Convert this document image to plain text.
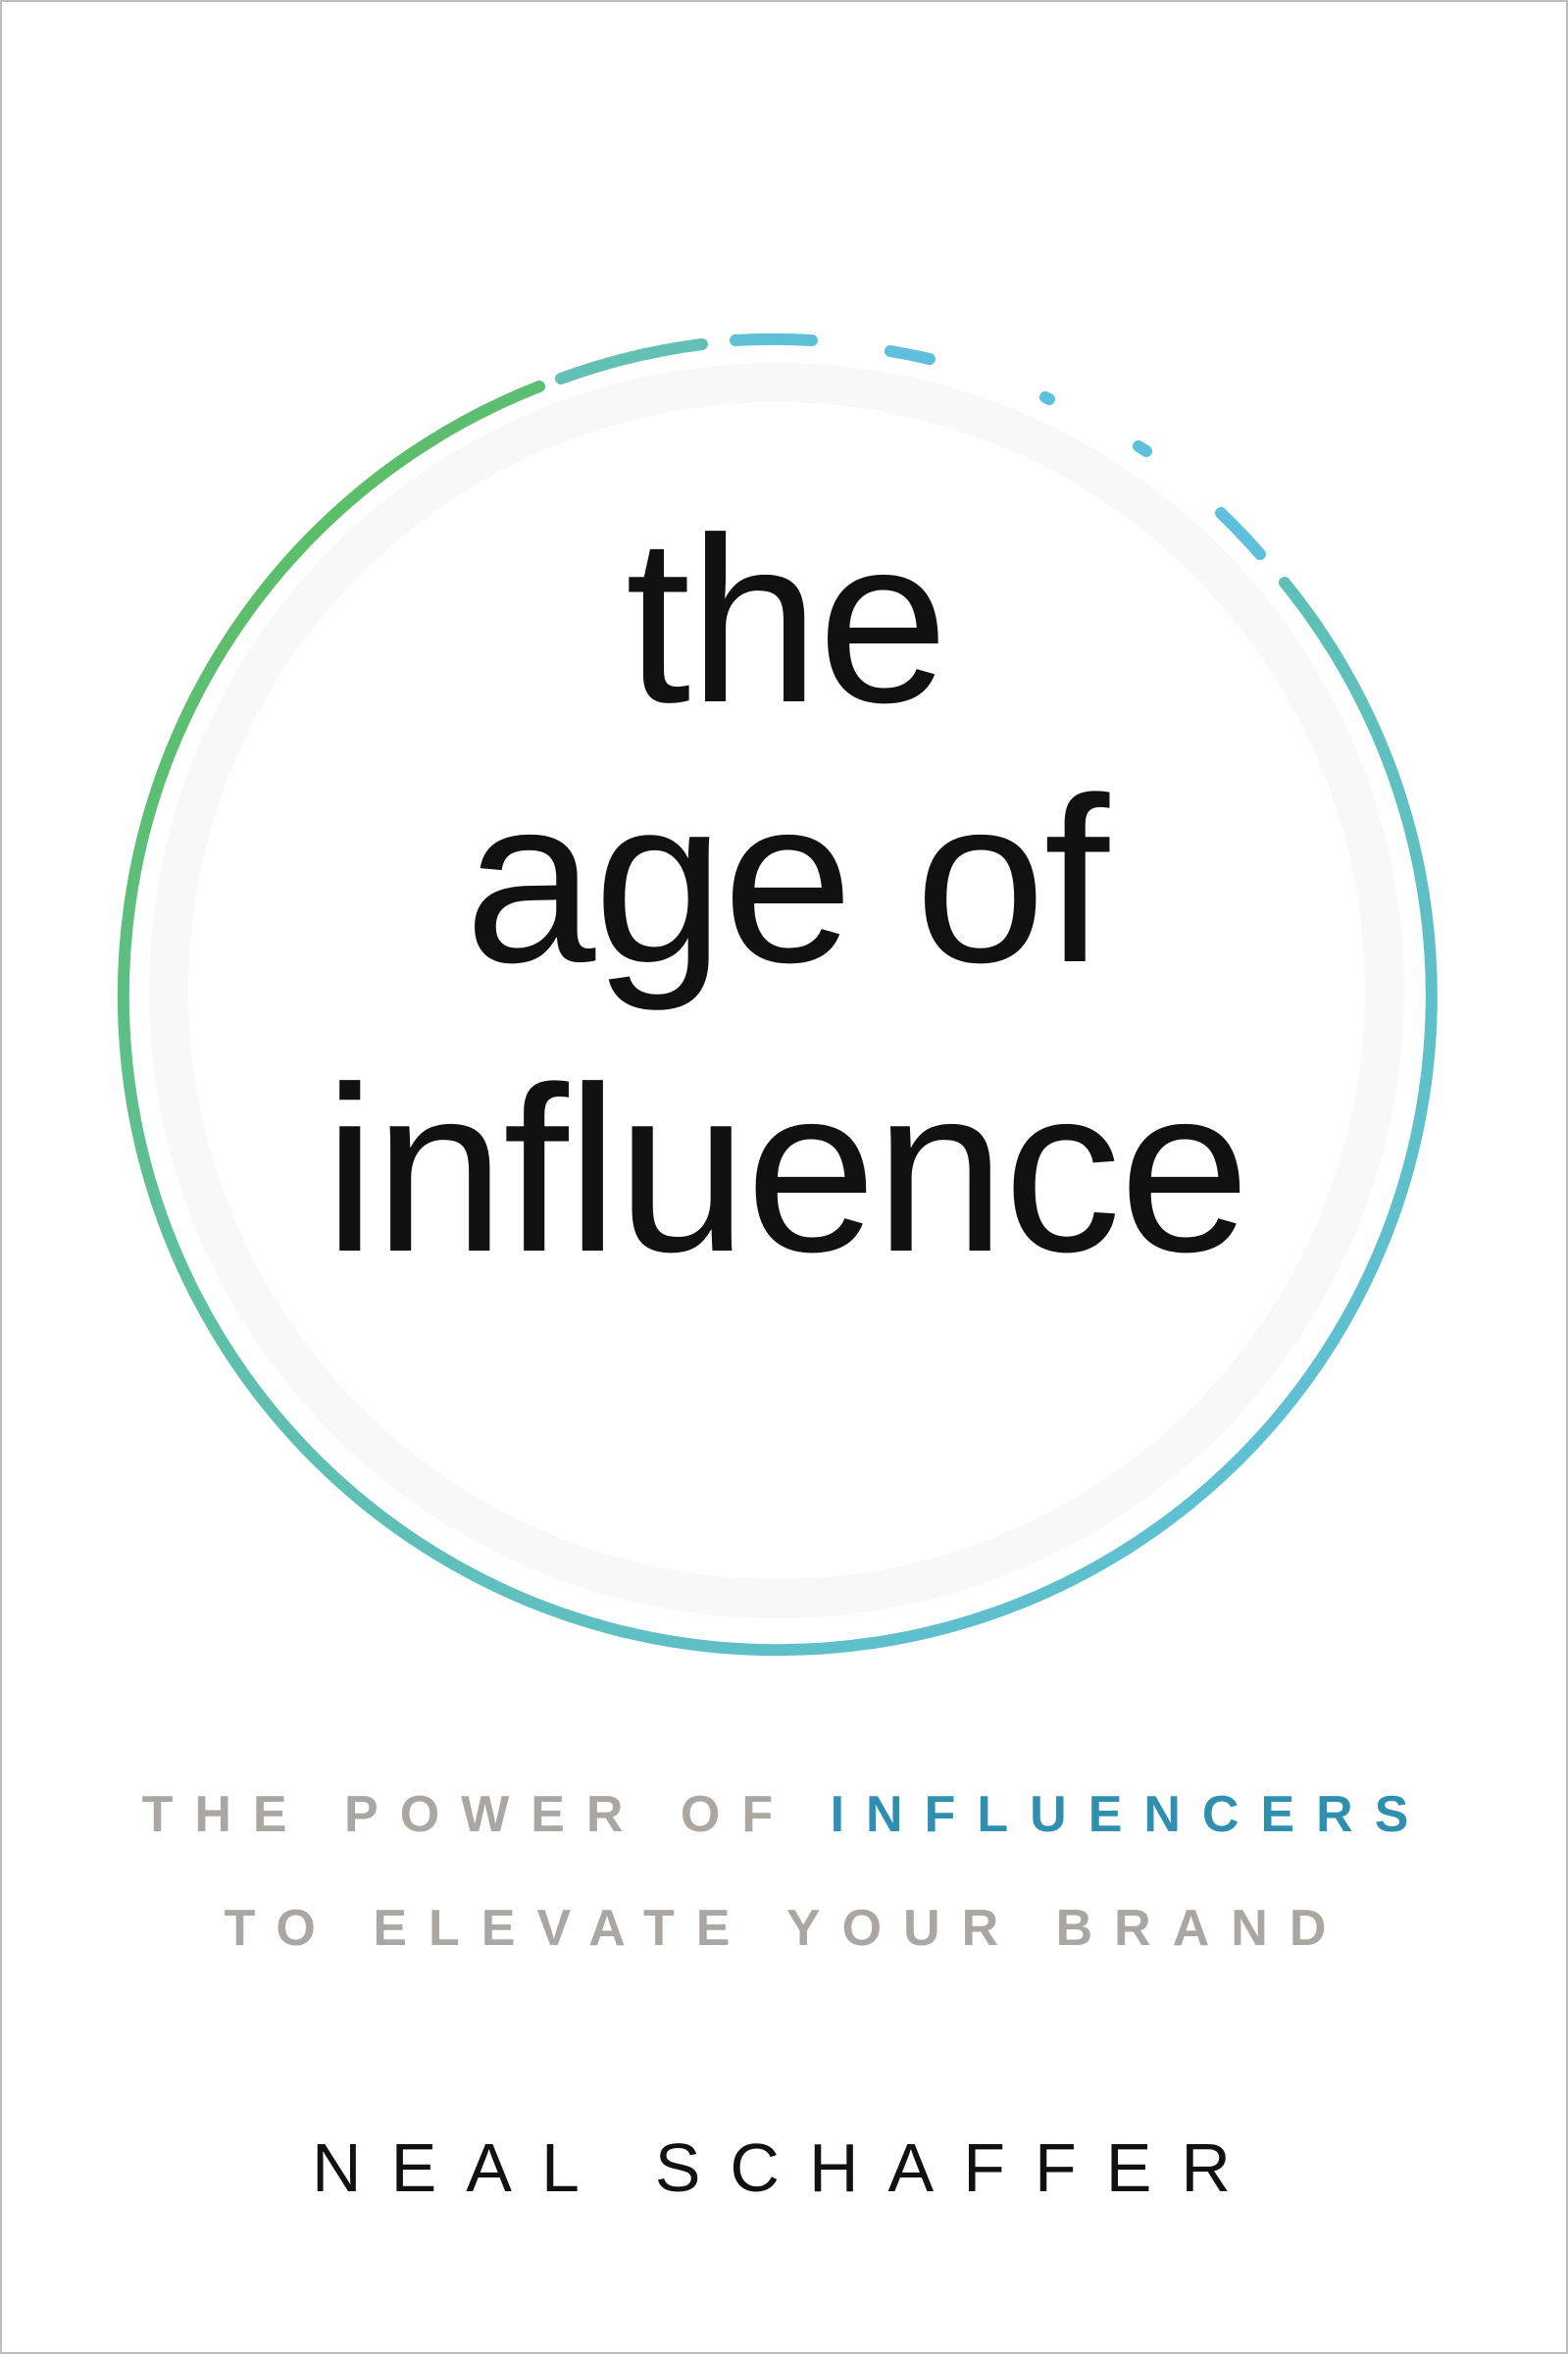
the
age of
influence
THE POWER OF INFLUENCERS
TO ELEVATE YOUR BRAND
NEAL SCHAFFER
